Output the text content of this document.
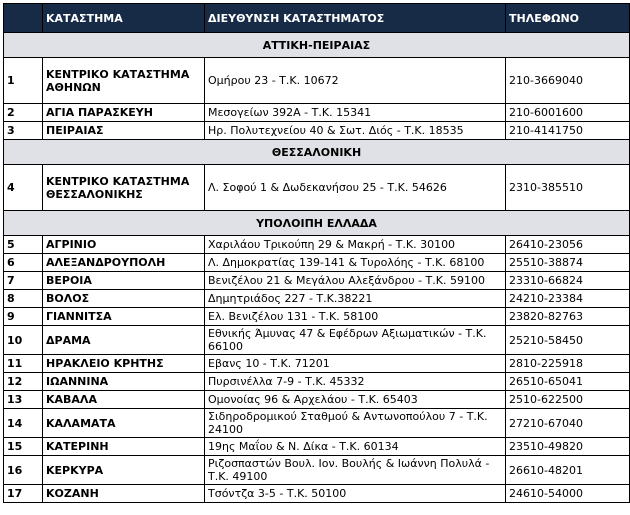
	ΚΑΤΑΣΤΗΜΑ	ΔΙΕΥΘΥΝΣΗ ΚΑΤΑΣΤΗΜΑΤΟΣ	ΤΗΛΕΦΩΝΟ
ΑΤΤΙΚΗ-ΠΕΙΡΑΙΑΣ			
1	ΚΕΝΤΡΙΚΟ ΚΑΤΑΣΤΗΜΑ ΑΘΗΝΩΝ	Ομήρου 23 - Τ.Κ. 10672	210-3669040
2	ΑΓΙΑ ΠΑΡΑΣΚΕΥΗ	Μεσογείων 392Α - Τ.Κ. 15341	210-6001600
3	ΠΕΙΡΑΙΑΣ	Ηρ. Πολυτεχνείου 40 & Σωτ. Διός - Τ.Κ. 18535	210-4141750
ΘΕΣΣΑΛΟΝΙΚΗ			
4	ΚΕΝΤΡΙΚΟ ΚΑΤΑΣΤΗΜΑ ΘΕΣΣΑΛΟΝΙΚΗΣ	Λ. Σοφού 1 & Δωδεκανήσου 25 - Τ.Κ. 54626	2310-385510
ΥΠΟΛΟΙΠΗ ΕΛΛΑΔΑ			
5	ΑΓΡΙΝΙΟ	Χαριλάου Τρικούπη 29 & Μακρή - Τ.Κ. 30100	26410-23056
6	ΑΛΕΞΑΝΔΡΟΥΠΟΛΗ	Λ. Δημοκρατίας 139-141 & Τυρολόης - Τ.Κ. 68100	25510-38874
7	ΒΕΡΟΙΑ	Βενιζέλου 21 & Μεγάλου Αλεξάνδρου - Τ.Κ. 59100	23310-66824
8	ΒΟΛΟΣ	Δημητριάδος 227 - Τ.Κ.38221	24210-23384
9	ΓΙΑΝΝΙΤΣΑ	Ελ. Βενιζέλου 131 - Τ.Κ. 58100	23820-82763
10	ΔΡΑΜΑ	Εθνικής Άμυνας 47 & Εφέδρων Αξιωματικών - Τ.Κ. 66100	25210-58450
11	ΗΡΑΚΛΕΙΟ ΚΡΗΤΗΣ	Εβανς 10 - Τ.Κ. 71201	2810-225918
12	ΙΩΑΝΝΙΝΑ	Πυρσινέλλα 7-9 - Τ.Κ. 45332	26510-65041
13	ΚΑΒΑΛΑ	Ομονοίας 96 & Αρχελάου - Τ.Κ. 65403	2510-622500
14	ΚΑΛΑΜΑΤΑ	Σιδηροδρομικού Σταθμού & Αντωνοπούλου 7 - Τ.Κ. 24100	27210-67040
15	ΚΑΤΕΡΙΝΗ	19ης Μαΐου & Ν. Δίκα - Τ.Κ. 60134	23510-49820
16	ΚΕΡΚΥΡΑ	Ριζοσπαστών Βουλ. Ιον. Βουλής & Ιωάννη Πολυλά - Τ.Κ. 49100	26610-48201
17	ΚΟΖΑΝΗ	Τσόντζα 3-5 - Τ.Κ. 50100	24610-54000
